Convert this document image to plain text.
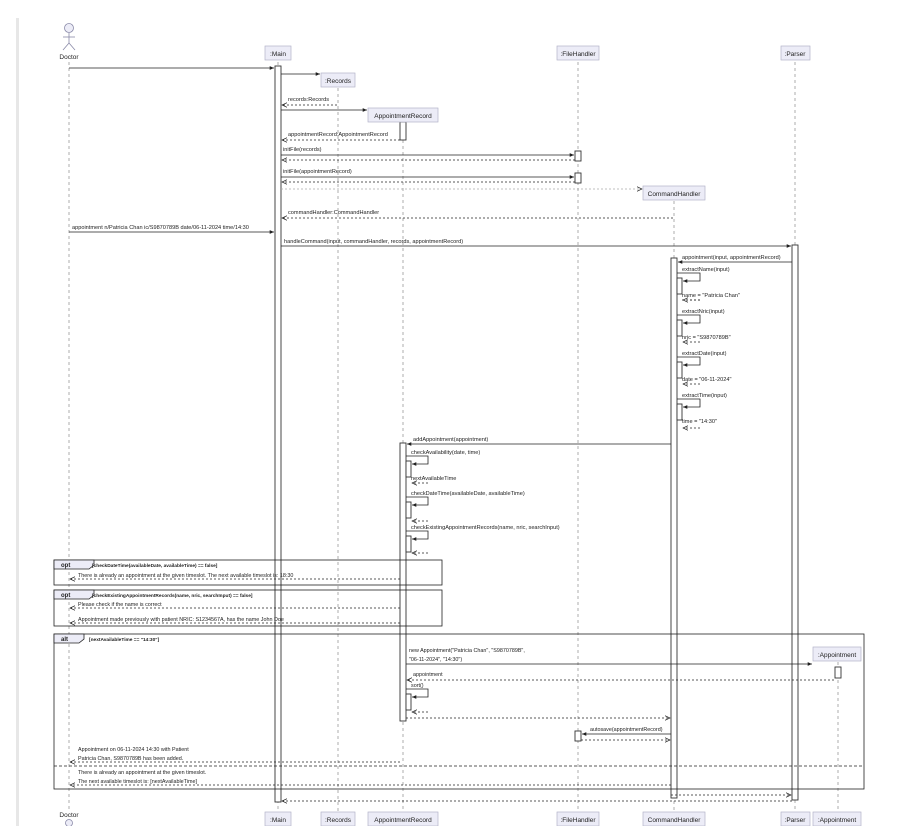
Doctor	:Main
:Records
AppointmentRecord
:FileHandler
CommandHandler
:Parser
:Appointment
records:Records
appointmentRecord:AppointmentRecord
initFile(records)
initFile(appointmentRecord)
commandHandler:CommandHandler
appointment n/Patricia Chan ic/S9870789B date/06-11-2024 time/14:30
handleCommand(input, commandHandler, records, appointmentRecord)
appointment(input, appointmentRecord)
extractName(input)
name = "Patricia Chan"
extractNric(input)
nric = "S9870789B"
extractDate(input)
date = "06-11-2024"
extractTime(input)
time = "14:30"
addAppointment(appointment)
checkAvailability(date, time)
nextAvailableTime
checkDateTime(availableDate, availableTime)
checkExistingAppointmentRecords(name, nric, searchInput)
opt	[checkDateTime(availableDate, availableTime) == false]
There is already an appointment at the given timeslot. The next available timeslot is: 18:30
opt	[checkExistingAppointmentRecords(name, nric, searchInput) == false]
Please check if the name is correct
Appointment made previously with patient NRIC: S1234567A, has the name John Doe
alt	[nextAvailableTime == "14:30"]
new Appointment("Patricia Chan", "S9870789B",
"06-11-2024", "14:30")
appointment
sort()
autosave(appointmentRecord)
Appointment on 06-11-2024 14:30 with Patient
Patricia Chan, S9870789B has been added.
There is already an appointment at the given timeslot.
The next available timeslot is: [nextAvailableTime]
Doctor
:Main	:Records	AppointmentRecord	:FileHandler	CommandHandler	:Parser :Appointment
